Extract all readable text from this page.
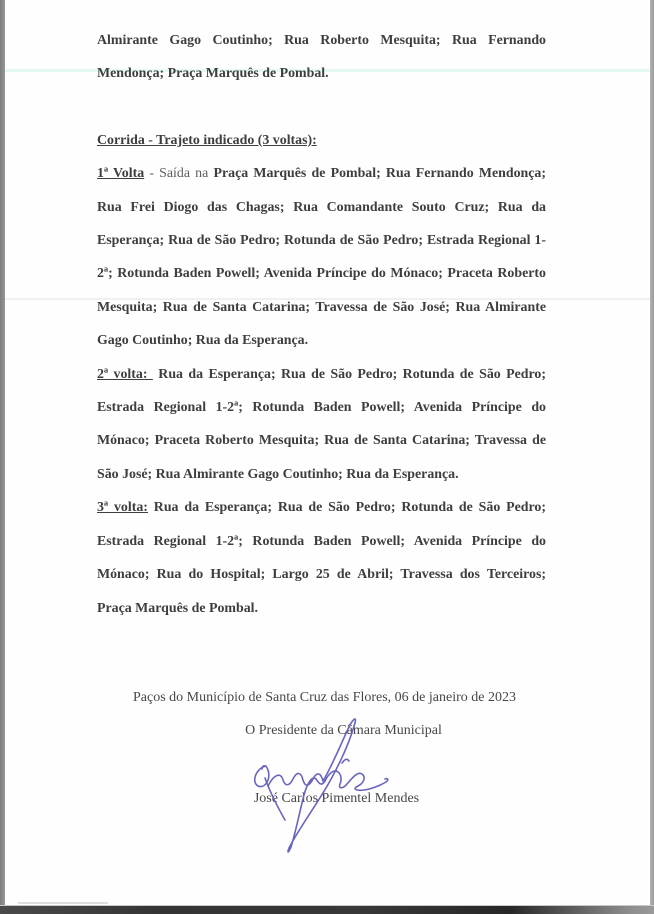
Almirante Gago Coutinho; Rua Roberto Mesquita; Rua Fernando Mendonça; Praça Marquês de Pombal.

Corrida - Trajeto indicado (3 voltas):

1ª Volta - Saída na Praça Marquês de Pombal; Rua Fernando Mendonça; Rua Frei Diogo das Chagas; Rua Comandante Souto Cruz; Rua da Esperança; Rua de São Pedro; Rotunda de São Pedro; Estrada Regional 1-2ª; Rotunda Baden Powell; Avenida Príncipe do Mónaco; Praceta Roberto Mesquita; Rua de Santa Catarina; Travessa de São José; Rua Almirante Gago Coutinho; Rua da Esperança.

2ª volta:  Rua da Esperança; Rua de São Pedro; Rotunda de São Pedro; Estrada Regional 1-2ª; Rotunda Baden Powell; Avenida Príncipe do Mónaco; Praceta Roberto Mesquita; Rua de Santa Catarina; Travessa de São José; Rua Almirante Gago Coutinho; Rua da Esperança.

3ª volta: Rua da Esperança; Rua de São Pedro; Rotunda de São Pedro; Estrada Regional 1-2ª; Rotunda Baden Powell; Avenida Príncipe do Mónaco; Rua do Hospital; Largo 25 de Abril; Travessa dos Terceiros; Praça Marquês de Pombal.

Paços do Município de Santa Cruz das Flores, 06 de janeiro de 2023

O Presidente da Câmara Municipal

José Carlos Pimentel Mendes
